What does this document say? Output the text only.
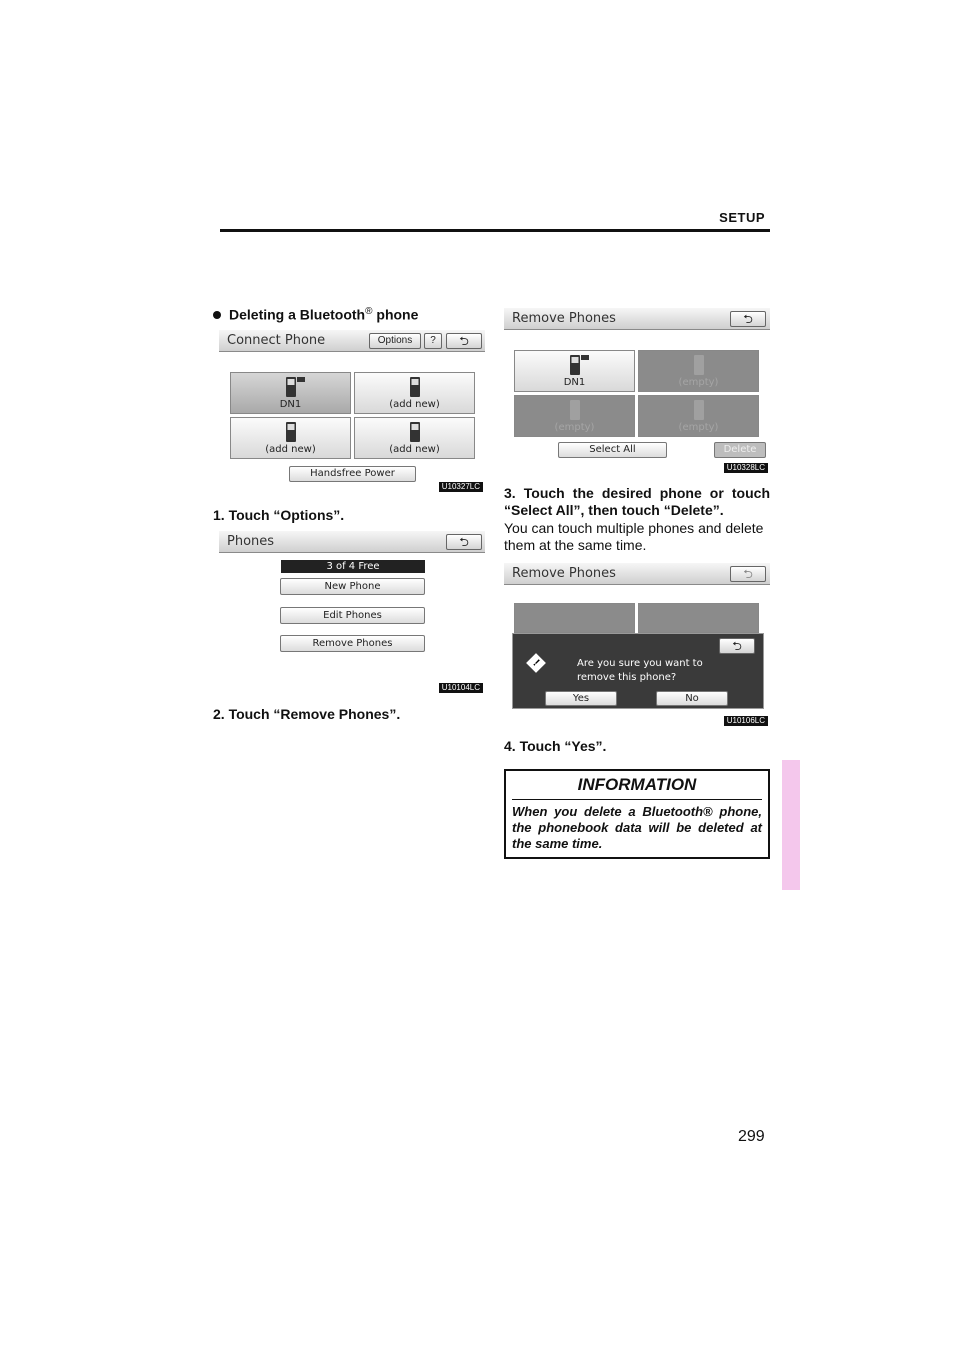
SETUP
Deleting a Bluetooth® phone
Connect Phone	Options	?	⮌
DN1	(add new)
(add new)	(add new)
Handsfree Power
U10327LC
1. Touch “Options”.
Phones	⮌
3 of 4 Free
New Phone
Edit Phones
Remove Phones
U10104LC
2. Touch “Remove Phones”.
Remove Phones	⮌
DN1	(empty)
(empty)	(empty)
Select All	Delete
U10328LC
3. Touch the desired phone or touch “Select All”, then touch “Delete”.
You can touch multiple phones and delete them at the same time.
Remove Phones	⮌
⮌
!	Are you sure you want to
remove this phone?
Yes	No
U10106LC
4. Touch “Yes”.
INFORMATION
When you delete a Bluetooth® phone, the phonebook data will be deleted at the same time.
299
